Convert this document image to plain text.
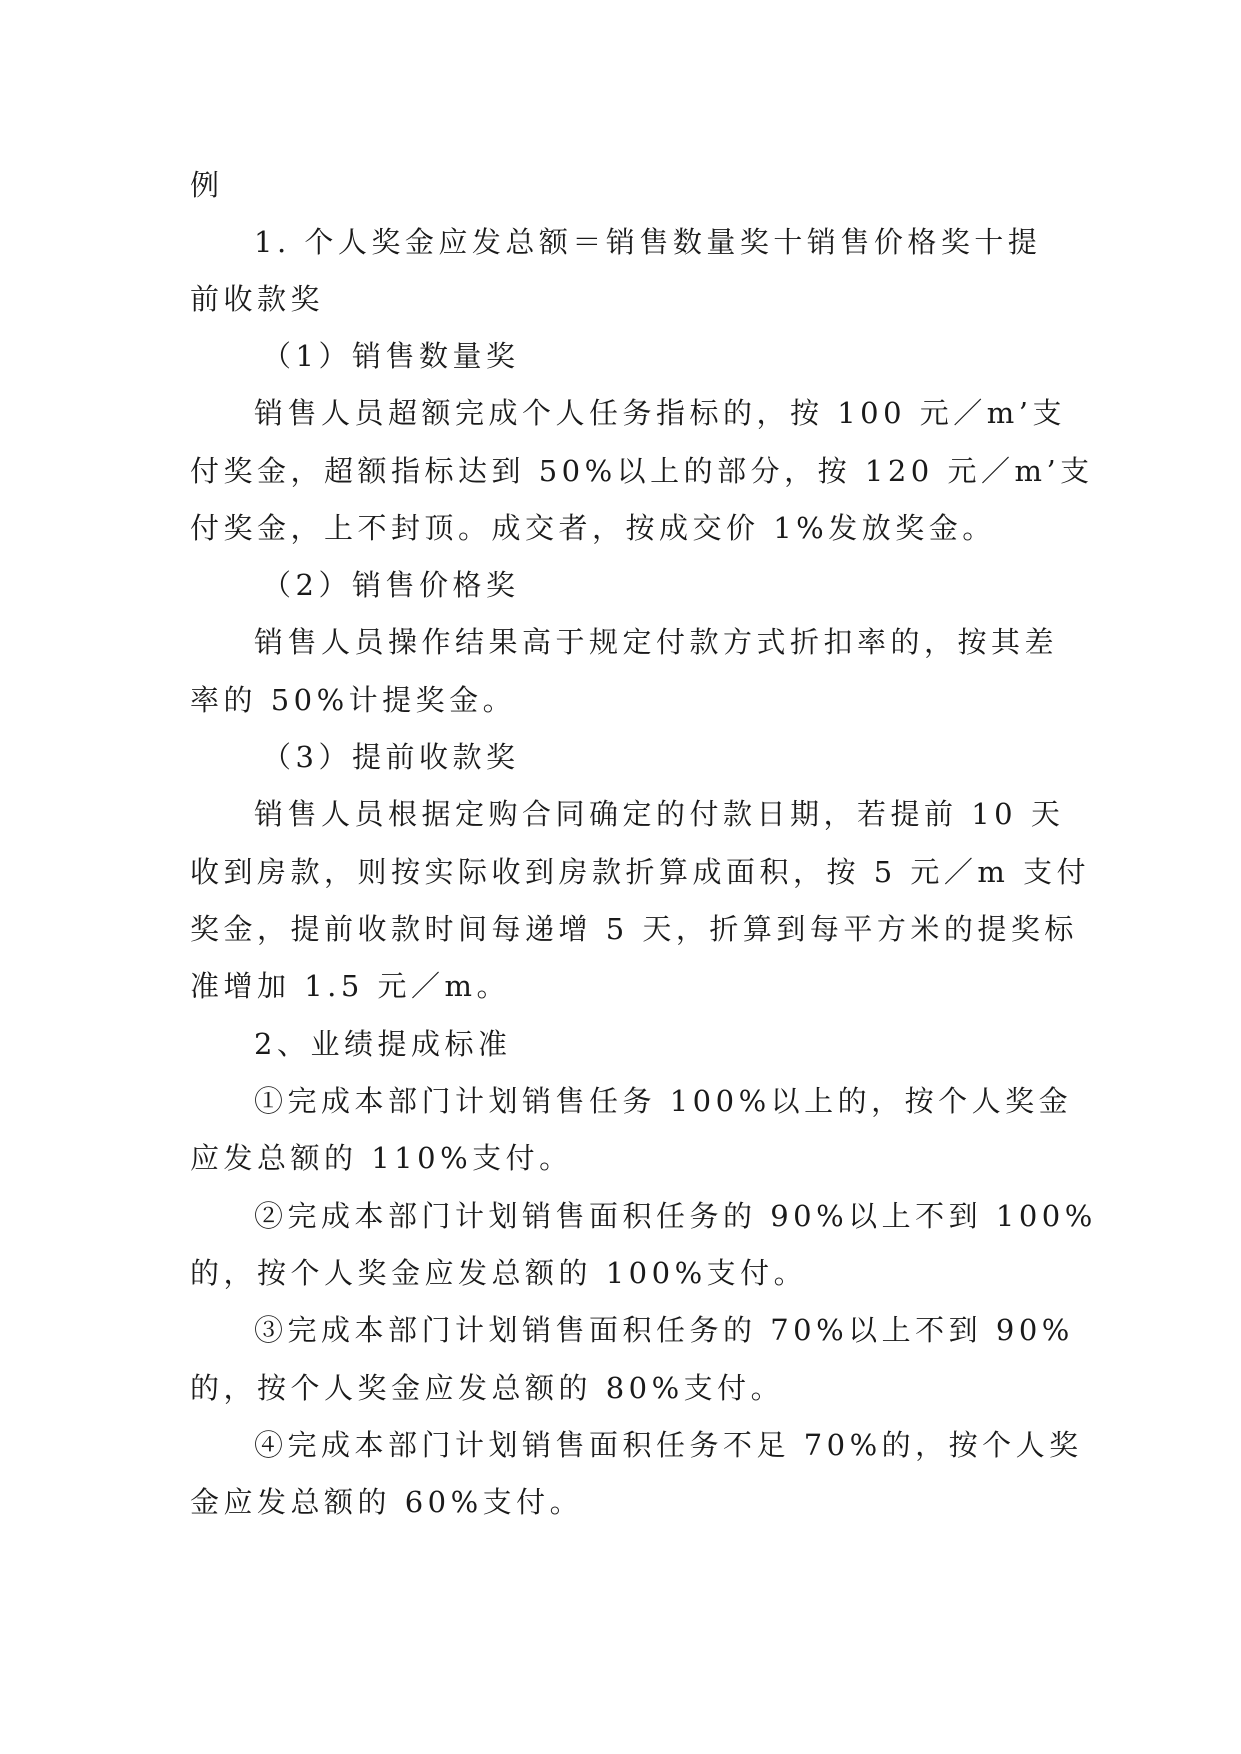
例
1. 个人奖金应发总额＝销售数量奖十销售价格奖十提
前收款奖
（1）销售数量奖
销售人员超额完成个人任务指标的，按 100 元／m’支
付奖金，超额指标达到 50%以上的部分，按 120 元／m’支
付奖金，上不封顶。成交者，按成交价 1%发放奖金。
（2）销售价格奖
销售人员操作结果高于规定付款方式折扣率的，按其差
率的 50%计提奖金。
（3）提前收款奖
销售人员根据定购合同确定的付款日期，若提前 10 天
收到房款，则按实际收到房款折算成面积，按 5 元／m 支付
奖金，提前收款时间每递增 5 天，折算到每平方米的提奖标
准增加 1.5 元／m。
2、业绩提成标准
①完成本部门计划销售任务 100%以上的，按个人奖金
应发总额的 110%支付。
②完成本部门计划销售面积任务的 90%以上不到 100%
的，按个人奖金应发总额的 100%支付。
③完成本部门计划销售面积任务的 70%以上不到 90%
的，按个人奖金应发总额的 80%支付。
④完成本部门计划销售面积任务不足 70%的，按个人奖
金应发总额的 60%支付。
